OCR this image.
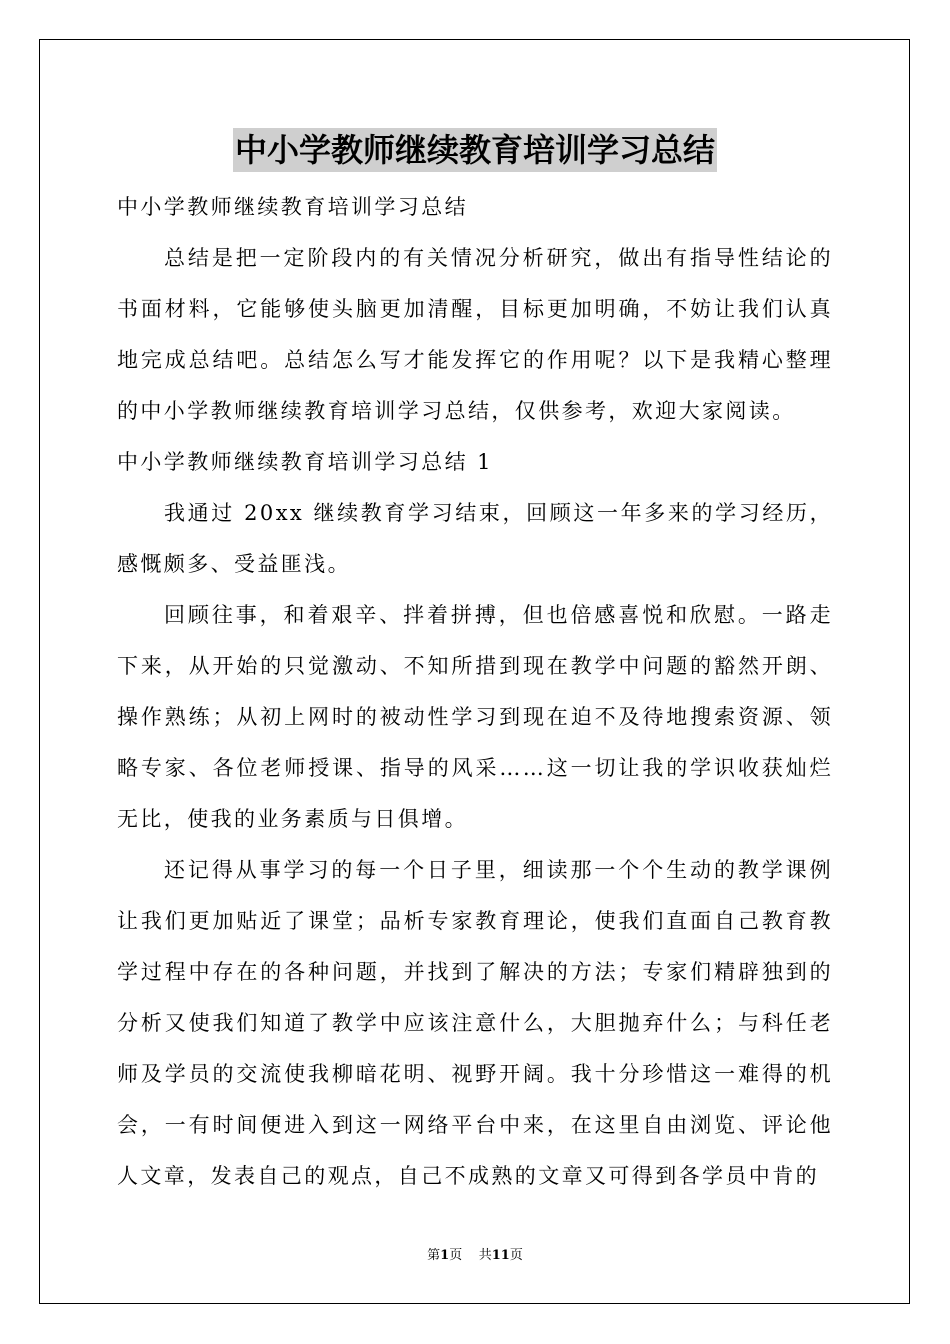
中小学教师继续教育培训学习总结
中小学教师继续教育培训学习总结
总结是把一定阶段内的有关情况分析研究，做出有指导性结论的书面材料，它能够使头脑更加清醒，目标更加明确，不妨让我们认真地完成总结吧。总结怎么写才能发挥它的作用呢？以下是我精心整理的中小学教师继续教育培训学习总结，仅供参考，欢迎大家阅读。
中小学教师继续教育培训学习总结 1
我通过 20xx 继续教育学习结束，回顾这一年多来的学习经历，感慨颇多、受益匪浅。
回顾往事，和着艰辛、拌着拼搏，但也倍感喜悦和欣慰。一路走下来，从开始的只觉激动、不知所措到现在教学中问题的豁然开朗、操作熟练；从初上网时的被动性学习到现在迫不及待地搜索资源、领略专家、各位老师授课、指导的风采……这一切让我的学识收获灿烂无比，使我的业务素质与日俱增。
还记得从事学习的每一个日子里，细读那一个个生动的教学课例让我们更加贴近了课堂；品析专家教育理论，使我们直面自己教育教学过程中存在的各种问题，并找到了解决的方法；专家们精辟独到的分析又使我们知道了教学中应该注意什么，大胆抛弃什么；与科任老师及学员的交流使我柳暗花明、视野开阔。我十分珍惜这一难得的机会，一有时间便进入到这一网络平台中来，在这里自由浏览、评论他人文章，发表自己的观点，自己不成熟的文章又可得到各学员中肯的
第1页 共11页
